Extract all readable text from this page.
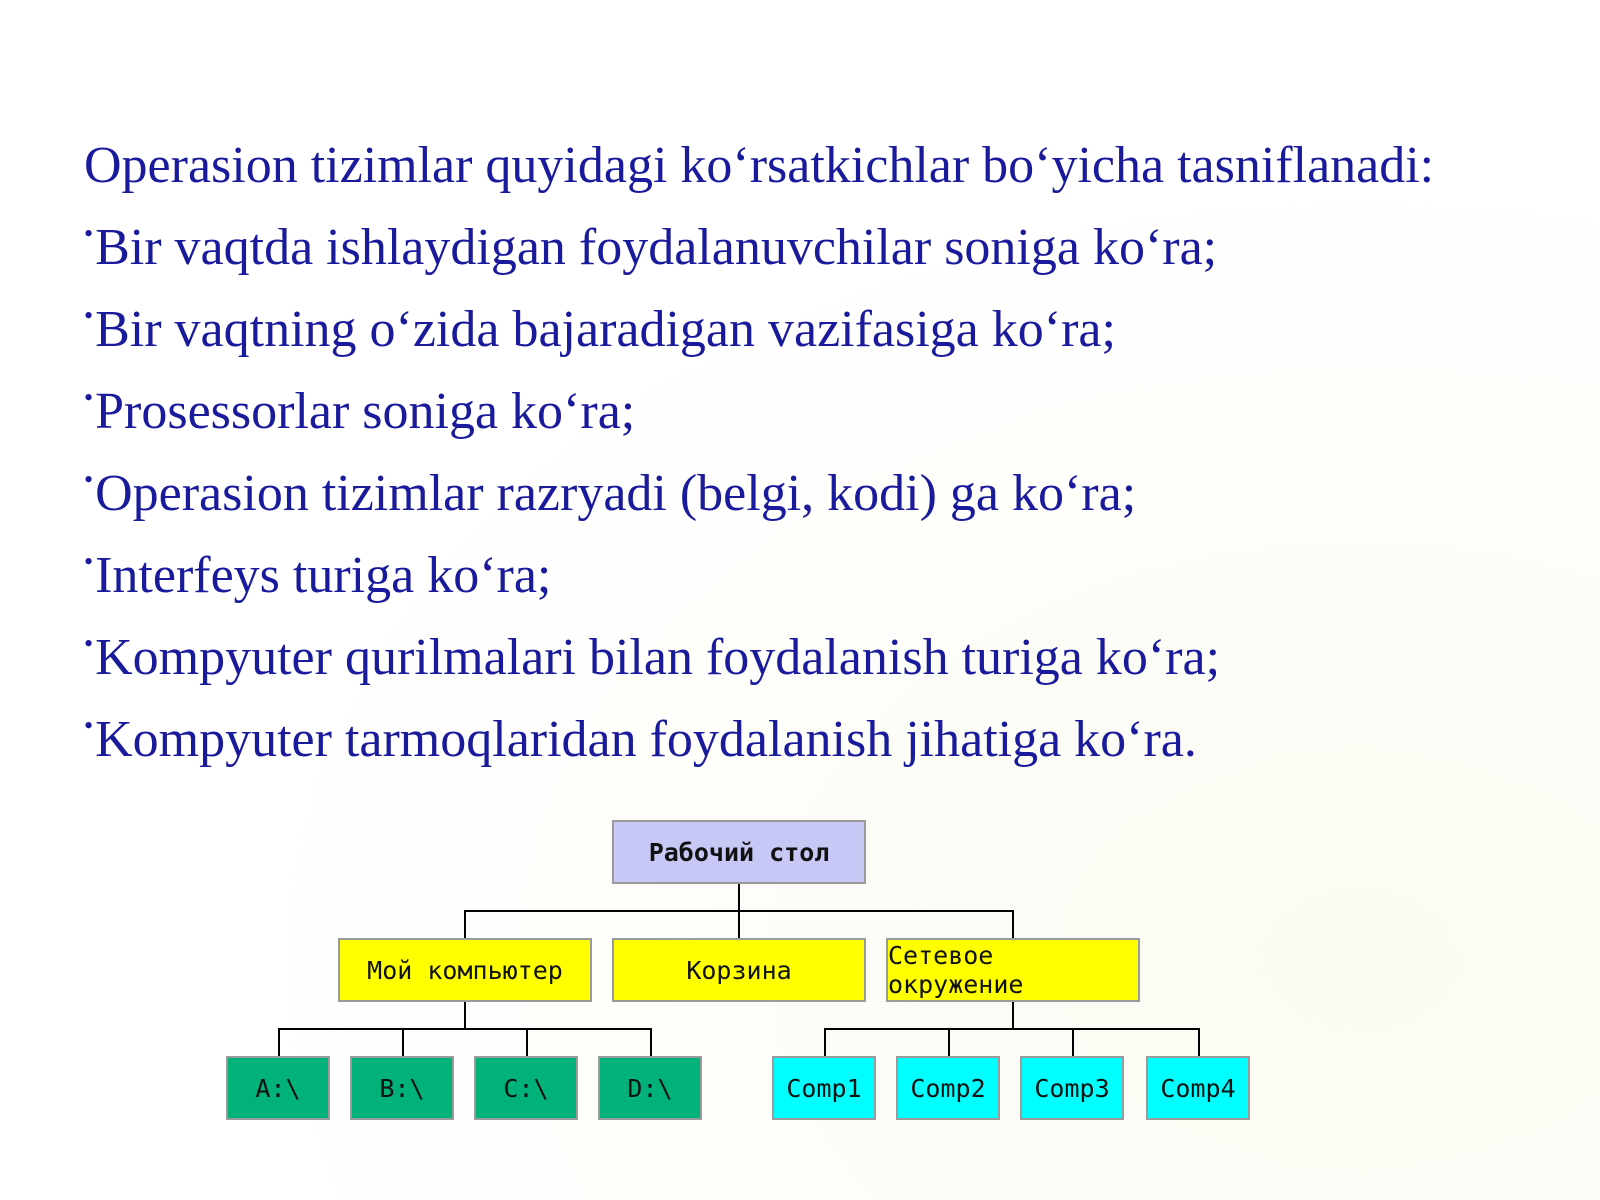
Operasion tizimlar quyidagi ko‘rsatkichlar bo‘yicha tasniflanadi:

•Bir vaqtda ishlaydigan foydalanuvchilar soniga ko‘ra;
•Bir vaqtning o‘zida bajaradigan vazifasiga ko‘ra;
•Prosessorlar soniga ko‘ra;
•Operasion tizimlar razryadi (belgi, kodi) ga ko‘ra;
•Interfeys turiga ko‘ra;
•Kompyuter qurilmalari bilan foydalanish turiga ko‘ra;
•Kompyuter tarmoqlaridan foydalanish jihatiga ko‘ra.
Рабочий стол
Мой компьютер	Корзина	Сетевое окружение
A:\	B:\	C:\	D:\	Comp1	Comp2	Comp3	Comp4
